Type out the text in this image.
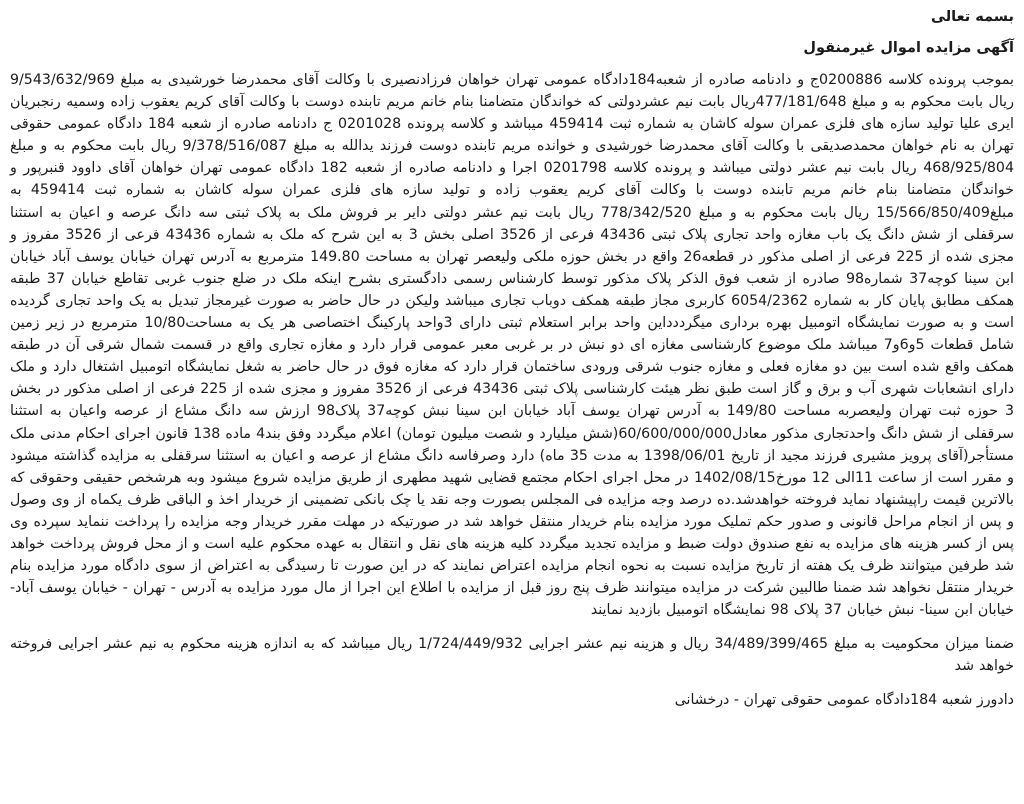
بسمه تعالی

آگهی مزایده اموال غیرمنقول

بموجب پرونده کلاسه 0200886ج و دادنامه صادره از شعبه184دادگاه عمومی تهران خواهان فرزادنصیری با وکالت آقای محمدرضا خورشیدی به مبلغ 9/543/632/969 ریال بابت محکوم به و مبلغ 477/181/648ریال بابت نیم عشردولتی که خواندگان متضامنا بنام خانم مریم تابنده دوست با وکالت آقای کریم یعقوب زاده وسمیه رنجبریان ایری علیا تولید سازه های فلزی عمران سوله کاشان به شماره ثبت 459414 میباشد و کلاسه پرونده 0201028 ج دادنامه صادره از شعبه 184 دادگاه عمومی حقوقی تهران به نام خواهان محمدصدیقی با وکالت آقای محمدرضا خورشیدی و خوانده مریم تابنده دوست فرزند یدالله به مبلغ 9/378/516/087 ریال بابت محکوم به و مبلغ 468/925/804 ریال بابت نیم عشر دولتی میباشد و پرونده کلاسه 0201798 اجرا و دادنامه صادره از شعبه 182 دادگاه عمومی تهران خواهان آقای داوود قنبرپور و خواندگان متضامنا بنام خانم مریم تابنده دوست با وکالت آقای کریم یعقوب زاده و تولید سازه های فلزی عمران سوله کاشان به شماره ثبت 459414 به مبلغ15/566/850/409 ریال بابت محکوم به و مبلغ 778/342/520 ریال بابت نیم عشر دولتی دایر بر فروش ملک به پلاک ثبتی سه دانگ عرصه و اعیان به استثنا سرقفلی از شش دانگ یک باب مغازه واحد تجاری پلاک ثبتی 43436 فرعی از 3526 اصلی بخش 3 به این شرح که ملک به شماره 43436 فرعی از 3526 مفروز و مجزی شده از 225 فرعی از اصلی مذکور در قطعه26 واقع در بخش حوزه ملکی ولیعصر تهران به مساحت 149.80 مترمربع به آدرس تهران خیابان یوسف آباد خیابان ابن سینا کوچه37 شماره98 صادره از شعب فوق الذکر پلاک مذکور توسط کارشناس رسمی دادگستری بشرح اینکه ملک در ضلع جنوب غربی تقاطع خیابان 37 طبقه همکف مطابق پایان کار به شماره 6054/2362 کاربری مجاز طبقه همکف دوباب تجاری میباشد ولیکن در حال حاضر به صورت غیرمجاز تبدیل به یک واحد تجاری گردیده است و به صورت نمایشگاه اتومبیل بهره برداری میگرددداین واحد برابر استعلام ثبتی دارای 3واحد پارکینگ اختصاصی هر یک به مساحت10/80 مترمربع در زیر زمین شامل قطعات 5و6و7 میباشد ملک موضوع کارشناسی مغازه ای دو نبش در بر غربی معبر عمومی قرار دارد و مغازه تجاری واقع در قسمت شمال شرقی آن در طبقه همکف واقع شده است بین دو مغازه فعلی و مغازه جنوب شرقی ورودی ساختمان قرار دارد که مغازه فوق در حال حاضر به شغل نمایشگاه اتومبیل اشتغال دارد و ملک دارای انشعابات شهری آب و برق و گاز است طبق نظر هیئت کارشناسی پلاک ثبتی 43436 فرعی از 3526 مفروز و مجزی شده از 225 فرعی از اصلی مذکور در بخش 3 حوزه ثبت تهران ولیعصربه مساحت 149/80 به آدرس تهران یوسف آباد خیابان ابن سینا نبش کوچه37 پلاک98 ارزش سه دانگ مشاع از عرصه واعیان به استثنا سرقفلی از شش دانگ واحدتجاری مذکور معادل60/600/000/000(شش میلیارد و شصت میلیون تومان) اعلام میگردد وفق بند4 ماده 138 قانون اجرای احکام مدنی ملک مستأجر(آقای پرویز مشیری فرزند مجید از تاریخ 1398/06/01 به مدت 35 ماه) دارد وصرفاسه دانگ مشاع از عرصه و اعیان به استثنا سرقفلی به مزایده گذاشته میشود و مقرر است از ساعت 11الی 12 مورخ1402/08/15 در محل اجرای احکام مجتمع قضایی شهید مطهری از طریق مزایده شروع میشود وبه هرشخص حقیقی وحقوقی که بالاترین قیمت راپیشنهاد نماید فروخته خواهدشد.ده درصد وجه مزایده فی المجلس بصورت وجه نقد یا چک بانکی تضمینی از خریدار اخذ و الباقی ظرف یکماه از وی وصول و پس از انجام مراحل قانونی و صدور حکم تملیک مورد مزایده بنام خریدار منتقل خواهد شد در صورتیکه در مهلت مقرر خریدار وجه مزایده را پرداخت ننماید سپرده وی پس از کسر هزینه های مزایده به نفع صندوق دولت ضبط و مزایده تجدید میگردد کلیه هزینه های نقل و انتقال به عهده محکوم علیه است و از محل فروش پرداخت خواهد شد طرفین میتوانند ظرف یک هفته از تاریخ مزایده نسبت به نحوه انجام مزایده اعتراض نمایند که در این صورت تا رسیدگی به اعتراض از سوی دادگاه مورد مزایده بنام خریدار منتقل نخواهد شد ضمنا طالبین شرکت در مزایده میتوانند ظرف پنج روز قبل از مزایده با اطلاع این اجرا از مال مورد مزایده به آدرس - تهران - خیابان یوسف آباد- خیابان ابن سینا- نبش خیابان 37 پلاک 98 نمایشگاه اتومبیل بازدید نمایند

ضمنا میزان محکومیت به مبلغ 34/489/399/465 ریال و هزینه نیم عشر اجرایی 1/724/449/932 ریال میباشد که به اندازه هزینه محکوم به نیم عشر اجرایی فروخته خواهد شد

دادورز شعبه 184دادگاه عمومی حقوقی تهران - درخشانی
